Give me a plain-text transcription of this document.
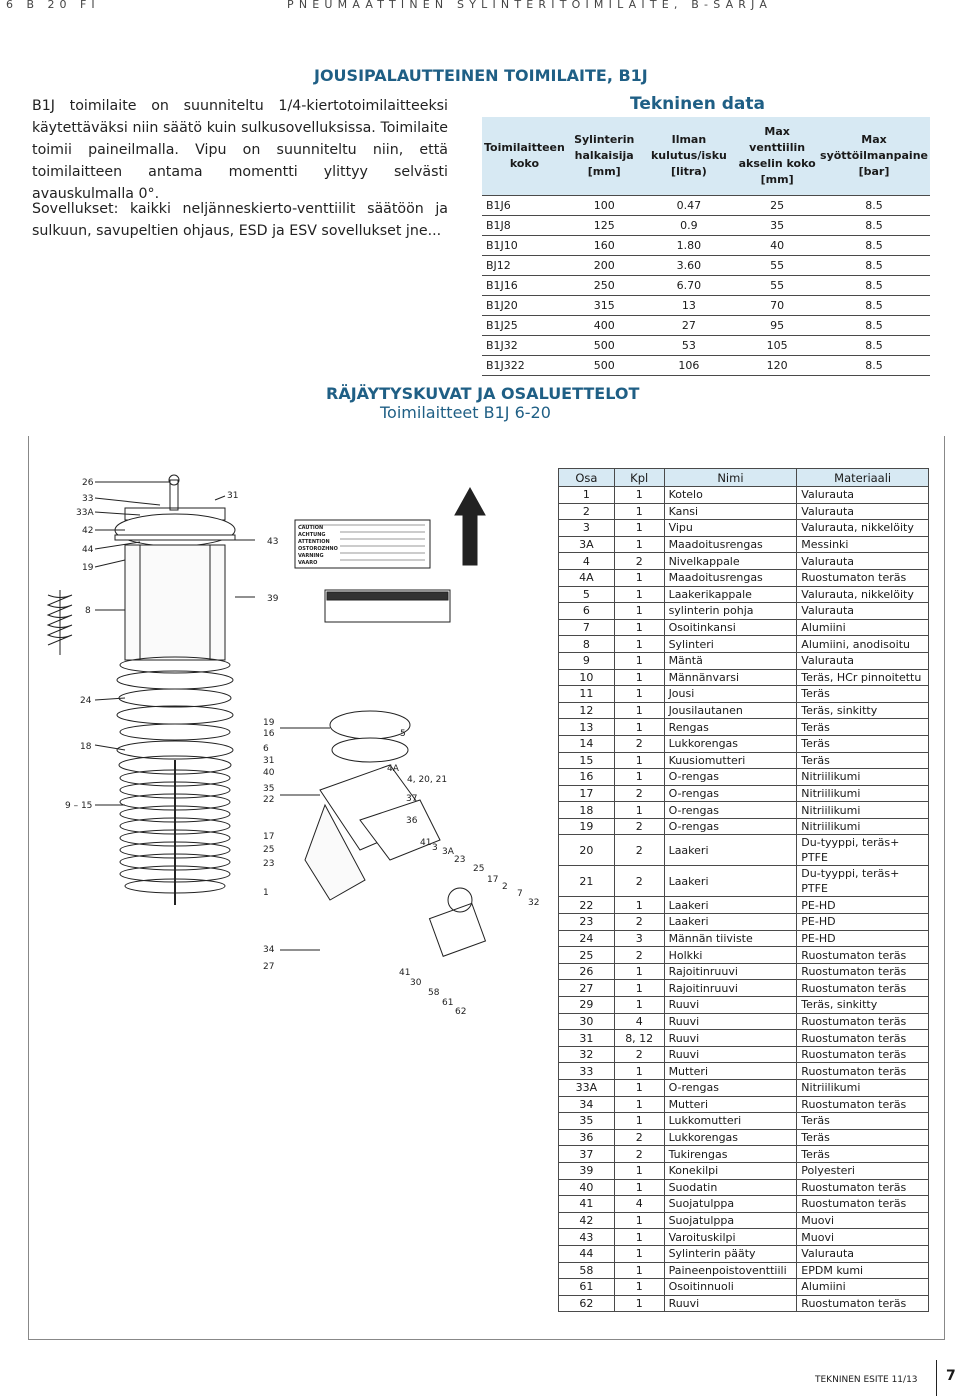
6 B 20 FI	PNEUMAATTINEN SYLINTERITOIMILAITE, B-SARJA
JOUSIPALAUTTEINEN TOIMILAITE, B1J
B1J toimilaite on suunniteltu 1/4-kiertotoimilaitteeksi käytettäväksi niin säätö kuin sulkusovelluksissa. Toimilaite toimii paineilmalla. Vipu on suunniteltu niin, että toimilaitteen antama momentti ylittyy selvästi avauskulmalla 0°.
Sovellukset: kaikki neljänneskierto-venttiilit säätöön ja sulkuun, savupeltien ohjaus, ESD ja ESV sovellukset jne...
Tekninen data
Toimilaitteen koko	Sylinterin halkaisija [mm]	Ilman kulutus/isku [litra)	Max venttiilin akselin koko [mm]	Max syöttöilmanpaine [bar]
B1J6	100	0.47	25	8.5
B1J8	125	0.9	35	8.5
B1J10	160	1.80	40	8.5
BJ12	200	3.60	55	8.5
B1J16	250	6.70	55	8.5
B1J20	315	13	70	8.5
B1J25	400	27	95	8.5
B1J32	500	53	105	8.5
B1J322	500	106	120	8.5
RÄJÄYTYSKUVAT JA OSALUETTELOT
Toimilaitteet B1J 6-20
26
33
33A
42
44
19
8
24
18
9 – 15
31
43
39
19
16
6
31
40
35
22
17
25
23
1
34
27
5
4A
4, 20, 21
37
36
41 3 3A
23
25
17
2
7
32
41
30
58
61
62
CAUTION
ACHTUNG
ATTENTION
OSTOROZHNO
VARNING
VAARO
Osa	Kpl	Nimi	Materiaali
1	1	Kotelo	Valurauta
2	1	Kansi	Valurauta
3	1	Vipu	Valurauta, nikkelöity
3A	1	Maadoitusrengas	Messinki
4	2	Nivelkappale	Valurauta
4A	1	Maadoitusrengas	Ruostumaton teräs
5	1	Laakerikappale	Valurauta, nikkelöity
6	1	sylinterin pohja	Valurauta
7	1	Osoitinkansi	Alumiini
8	1	Sylinteri	Alumiini, anodisoitu
9	1	Mäntä	Valurauta
10	1	Männänvarsi	Teräs, HCr pinnoitettu
11	1	Jousi	Teräs
12	1	Jousilautanen	Teräs, sinkitty
13	1	Rengas	Teräs
14	2	Lukkorengas	Teräs
15	1	Kuusiomutteri	Teräs
16	1	O-rengas	Nitriilikumi
17	2	O-rengas	Nitriilikumi
18	1	O-rengas	Nitriilikumi
19	2	O-rengas	Nitriilikumi
20	2	Laakeri	Du-tyyppi, teräs+ PTFE
21	2	Laakeri	Du-tyyppi, teräs+ PTFE
22	1	Laakeri	PE-HD
23	2	Laakeri	PE-HD
24	3	Männän tiiviste	PE-HD
25	2	Holkki	Ruostumaton teräs
26	1	Rajoitinruuvi	Ruostumaton teräs
27	1	Rajoitinruuvi	Ruostumaton teräs
29	1	Ruuvi	Teräs, sinkitty
30	4	Ruuvi	Ruostumaton teräs
31	8, 12	Ruuvi	Ruostumaton teräs
32	2	Ruuvi	Ruostumaton teräs
33	1	Mutteri	Ruostumaton teräs
33A	1	O-rengas	Nitriilikumi
34	1	Mutteri	Ruostumaton teräs
35	1	Lukkomutteri	Teräs
36	2	Lukkorengas	Teräs
37	2	Tukirengas	Teräs
39	1	Konekilpi	Polyesteri
40	1	Suodatin	Ruostumaton teräs
41	4	Suojatulppa	Ruostumaton teräs
42	1	Suojatulppa	Muovi
43	1	Varoituskilpi	Muovi
44	1	Sylinterin pääty	Valurauta
58	1	Paineenpoistoventtiili	EPDM kumi
61	1	Osoitinnuoli	Alumiini
62	1	Ruuvi	Ruostumaton teräs
TEKNINEN ESITE 11/13 7
